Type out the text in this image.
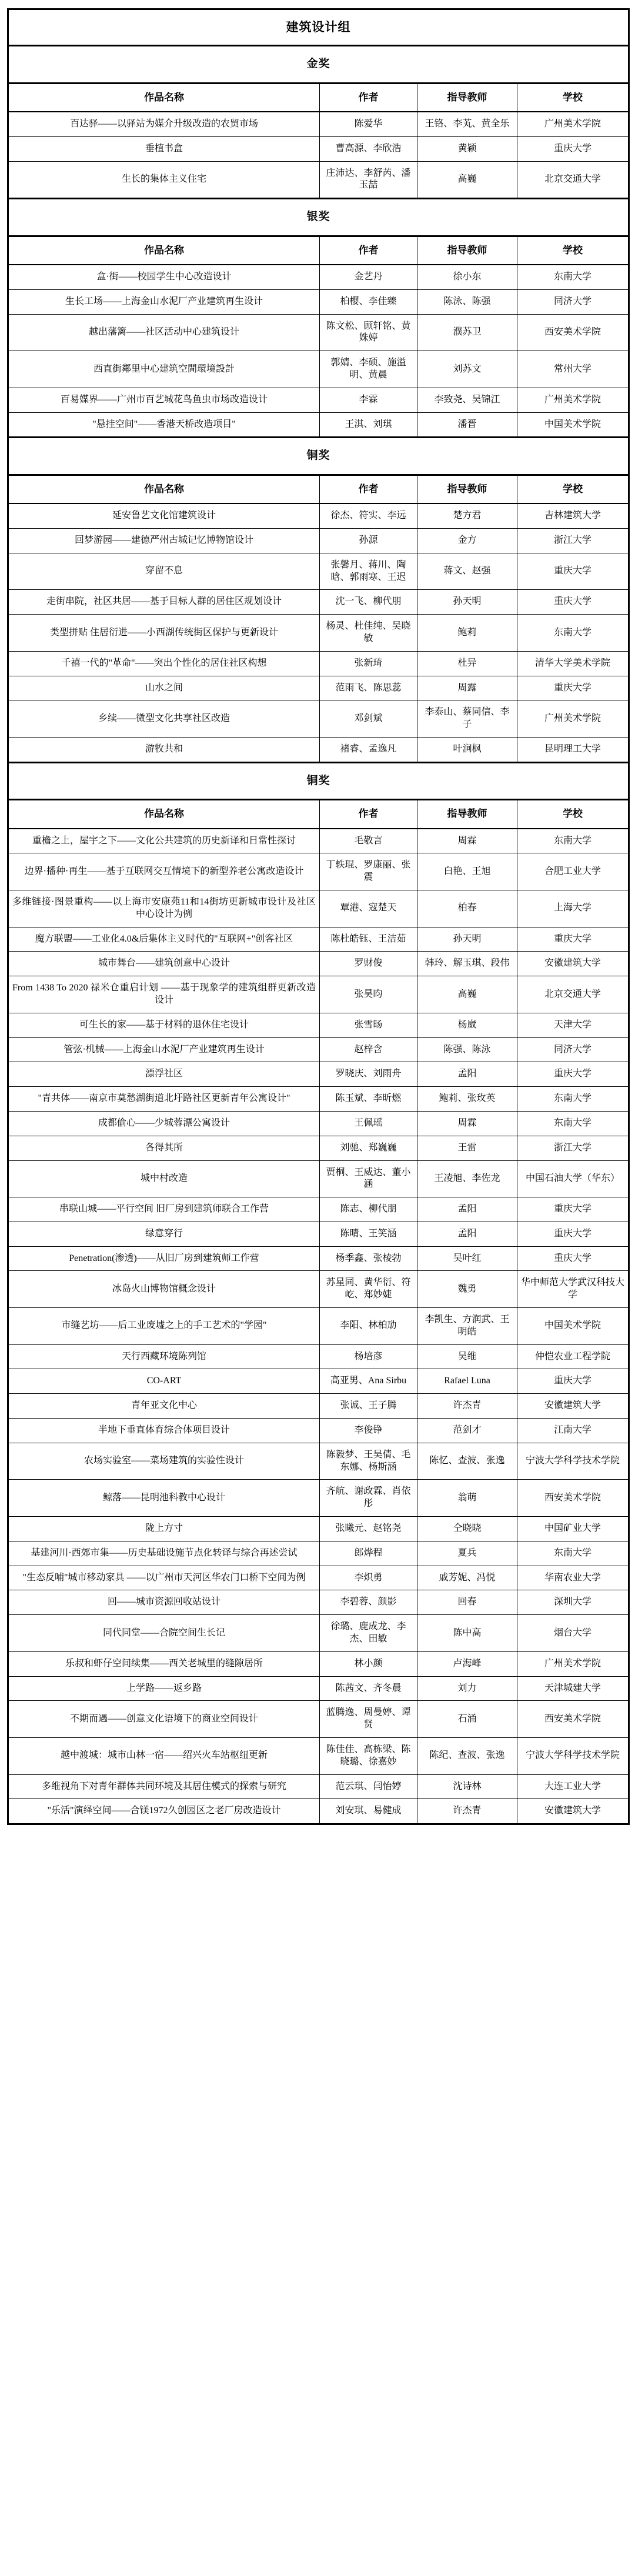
建筑设计组			
金奖			
作品名称	作者	指导教师	学校
百达驿——以驿站为媒介升级改造的农贸市场	陈爱华	王铬、李芄、黄全乐	广州美术学院
垂植书盒	曹高源、李欣浩	黄颖	重庆大学
生长的集体主义住宅	庄沛达、李舒芮、潘玉喆	高巍	北京交通大学
银奖			
作品名称	作者	指导教师	学校
盒·街——校园学生中心改造设计	金艺丹	徐小东	东南大学
生长工场——上海金山水泥厂产业建筑再生设计	柏樱、李佳臻	陈泳、陈强	同济大学
越出藩篱——社区活动中心建筑设计	陈文松、顾轩铭、黄姝婷	濮苏卫	西安美术学院
西直街鄰里中心建筑空間環境設計	郭婧、李硕、施溢明、黄晨	刘苏文	常州大学
百易媒界——广州市百艺城花鸟鱼虫市场改造设计	李霖	李致尧、吴锦江	广州美术学院
"悬挂空间"——香港天桥改造项目"	王淇、刘琪	潘晋	中国美术学院
铜奖			
作品名称	作者	指导教师	学校
延安鲁艺文化馆建筑设计	徐杰、符实、李远	楚方君	吉林建筑大学
回梦游园——建德严州古城记忆博物馆设计	孙源	金方	浙江大学
穿留不息	张馨月、蒋川、陶晗、郭雨寒、王迟	蒋文、赵强	重庆大学
走街串院，社区共居——基于目标人群的居住区规划设计	沈一飞、柳代朋	孙天明	重庆大学
类型拼贴 住居衍进——小西湖传统街区保护与更新设计	杨灵、杜佳纯、吴晓敏	鲍莉	东南大学
千禧一代的"革命"——突出个性化的居住社区构想	张新琦	杜异	清华大学美术学院
山水之间	范雨飞、陈思蕊	周露	重庆大学
乡续——微型文化共享社区改造	邓剑斌	李泰山、蔡同信、李子	广州美术学院
游牧共和	褚睿、孟逸凡	叶涧枫	昆明理工大学
铜奖			
作品名称	作者	指导教师	学校
重檐之上，屋宇之下——文化公共建筑的历史新译和日常性探讨	毛敬言	周霖	东南大学
边界·播种·再生——基于互联网交互情境下的新型养老公寓改造设计	丁轶琨、罗康丽、张震	白艳、王旭	合肥工业大学
多维链接·图景重构——以上海市安康苑11和14街坊更新城市设计及社区中心设计为例	覃港、寇楚天	柏春	上海大学
魔方联盟——工业化4.0&后集体主义时代的"互联网+"创客社区	陈杜皓钰、王洁茹	孙天明	重庆大学
城市舞台——建筑创意中心设计	罗财俊	韩玲、解玉琪、段伟	安徽建筑大学
From 1438 To 2020 禄米仓重启计划 ——基于现象学的建筑组群更新改造设计	张昊昀	高巍	北京交通大学
可生长的家——基于材料的退休住宅设计	张雪旸	杨崴	天津大学
管弦·机械——上海金山水泥厂产业建筑再生设计	赵梓含	陈强、陈泳	同济大学
漂浮社区	罗晓庆、刘雨舟	孟阳	重庆大学
"青共体——南京市莫愁湖街道北圩路社区更新青年公寓设计"	陈玉斌、李昕燃	鲍莉、张玫英	东南大学
成都偷心——少城蓉漂公寓设计	王佩瑶	周霖	东南大学
各得其所	刘驰、郑巍巍	王雷	浙江大学
城中村改造	贾桐、王威达、董小涵	王凌旭、李佐龙	中国石油大学（华东）
串联山城——平行空间 旧厂房到建筑师联合工作营	陈志、柳代朋	孟阳	重庆大学
绿意穿行	陈晴、王笑涵	孟阳	重庆大学
Penetration(渗透)——从旧厂房到建筑师工作营	杨季鑫、张棱勃	吴叶红	重庆大学
冰岛火山博物馆概念设计	苏星同、黄华衍、符屹、郑妙婕	魏勇	华中师范大学武汉科技大学
市缝艺坊——后工业废墟之上的手工艺术的"学园"	李阳、林柏劢	李凯生、方润武、王明皓	中国美术学院
天行西藏环境陈列馆	杨培彦	吴维	仲恺农业工程学院
CO-ART	高亚男、Ana Sirbu	Rafael Luna	重庆大学
青年亚文化中心	张诚、王子腾	许杰青	安徽建筑大学
半地下垂直体育综合体项目设计	李俊铮	范剑才	江南大学
农场实验室——菜场建筑的实验性设计	陈毅梦、王吴倩、毛东娜、杨斯涵	陈忆、查波、张逸	宁波大学科学技术学院
鲸落——昆明池科教中心设计	齐航、谢政霖、肖依彤	翁萌	西安美术学院
陇上方寸	张曦元、赵铭尧	仝晓晓	中国矿业大学
基建河川·西郊市集——历史基础设施节点化转译与综合再述尝试	郎烨程	夏兵	东南大学
"生态反哺"城市移动家具 ——以广州市天河区华农门口桥下空间为例	李炽勇	戚芳妮、冯悦	华南农业大学
回——城市资源回收站设计	李碧蓉、颜影	回春	深圳大学
同代同堂——合院空间生长记	徐璐、鹿成龙、李杰、田敏	陈中高	烟台大学
乐叔和虾仔空间续集——西关老城里的缝隙居所	林小颜	卢海峰	广州美术学院
上学路——返乡路	陈茜文、齐冬晨	刘力	天津城建大学
不期而遇——创意文化语境下的商业空间设计	蓝腾逸、周曼婷、谭贤	石涌	西安美术学院
越中渡城：城市山林一宿——绍兴火车站枢纽更新	陈佳佳、高栋梁、陈晓璐、徐嘉妙	陈纪、查波、张逸	宁波大学科学技术学院
多维视角下对青年群体共同环境及其居住模式的探索与研究	范云琪、闫怡婷	沈诗林	大连工业大学
"乐活"演绎空间——合镁1972久创园区之老厂房改造设计	刘安琪、易健成	许杰青	安徽建筑大学
